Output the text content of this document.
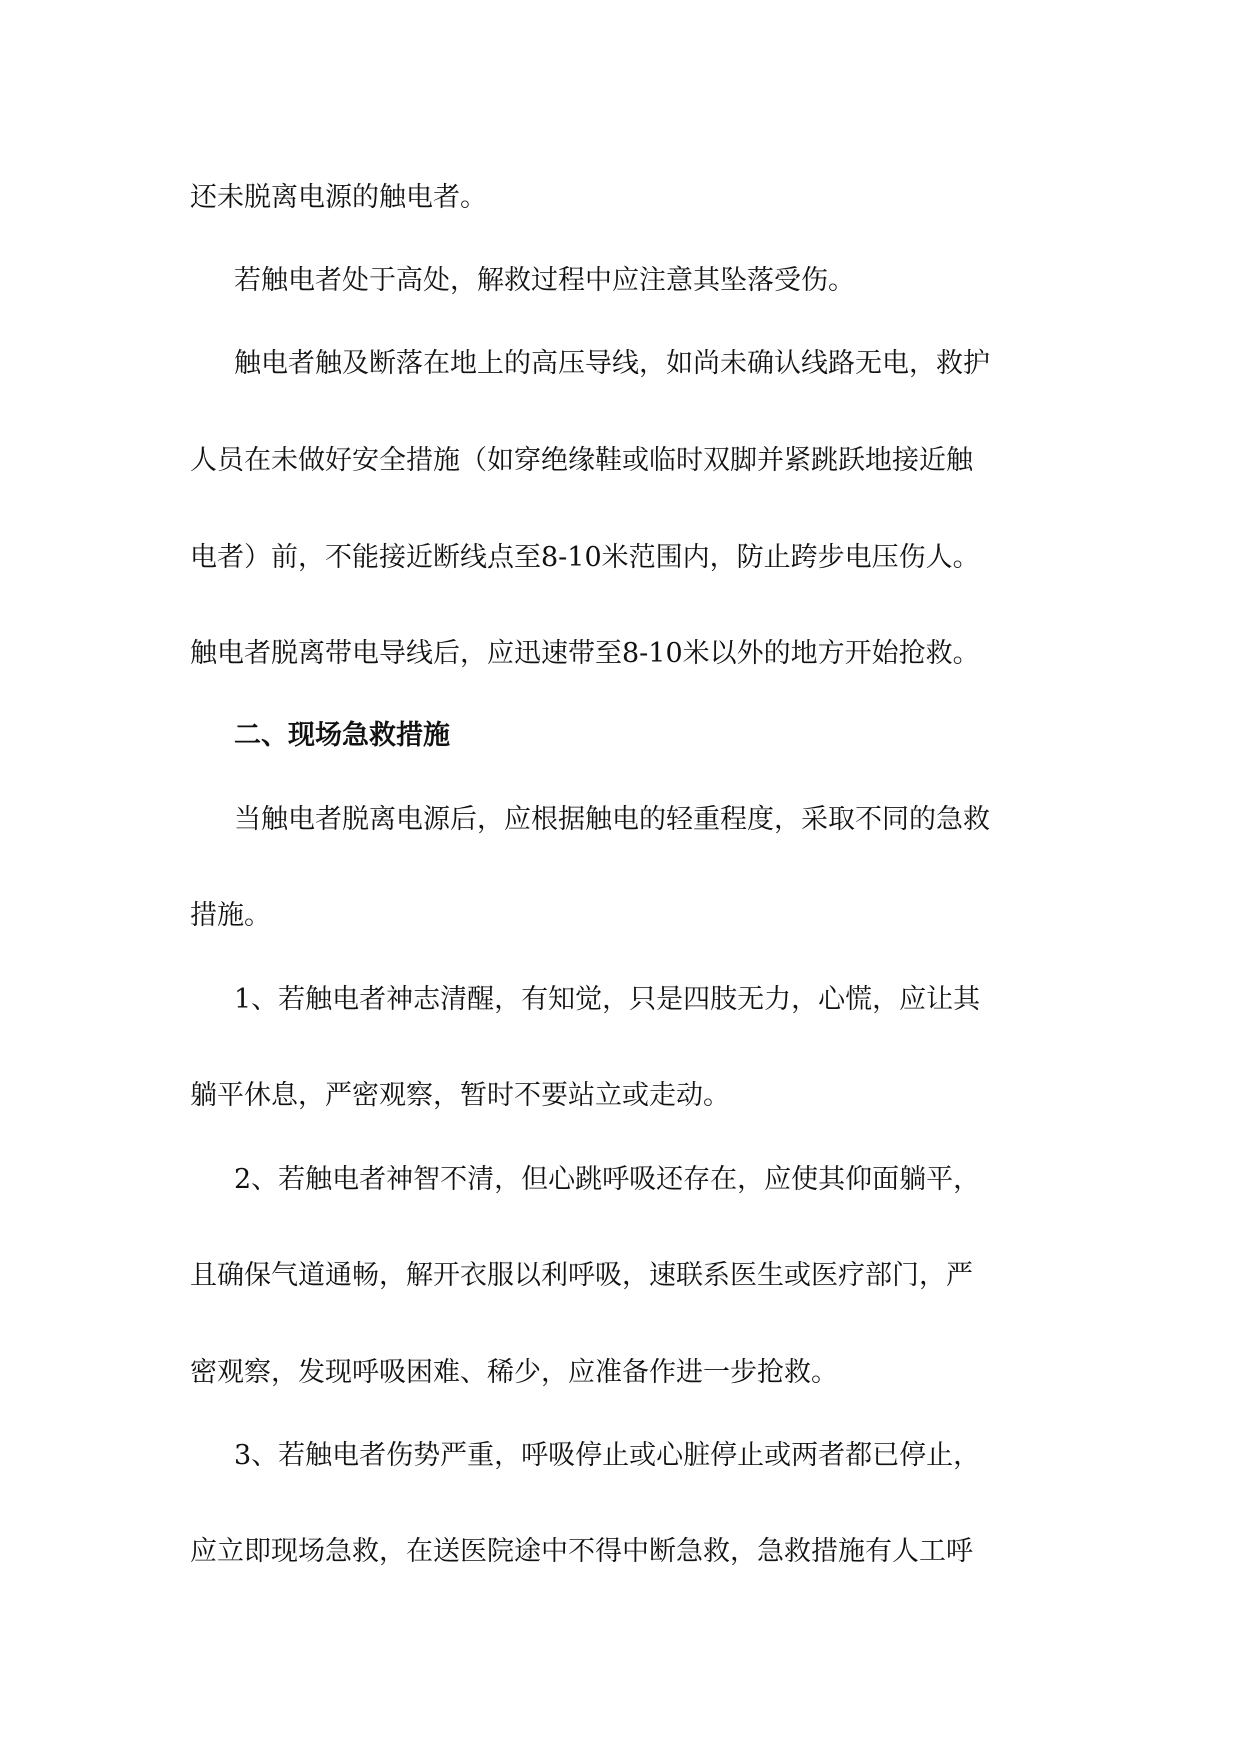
还未脱离电源的触电者。

若触电者处于高处，解救过程中应注意其坠落受伤。

触电者触及断落在地上的高压导线，如尚未确认线路无电，救护

人员在未做好安全措施（如穿绝缘鞋或临时双脚并紧跳跃地接近触

电者）前，不能接近断线点至8-10米范围内，防止跨步电压伤人。

触电者脱离带电导线后，应迅速带至8-10米以外的地方开始抢救。

二、现场急救措施

当触电者脱离电源后，应根据触电的轻重程度，采取不同的急救

措施。

1、若触电者神志清醒，有知觉，只是四肢无力，心慌，应让其

躺平休息，严密观察，暂时不要站立或走动。

2、若触电者神智不清，但心跳呼吸还存在，应使其仰面躺平，

且确保气道通畅，解开衣服以利呼吸，速联系医生或医疗部门，严

密观察，发现呼吸困难、稀少，应准备作进一步抢救。

3、若触电者伤势严重，呼吸停止或心脏停止或两者都已停止，

应立即现场急救，在送医院途中不得中断急救，急救措施有人工呼
